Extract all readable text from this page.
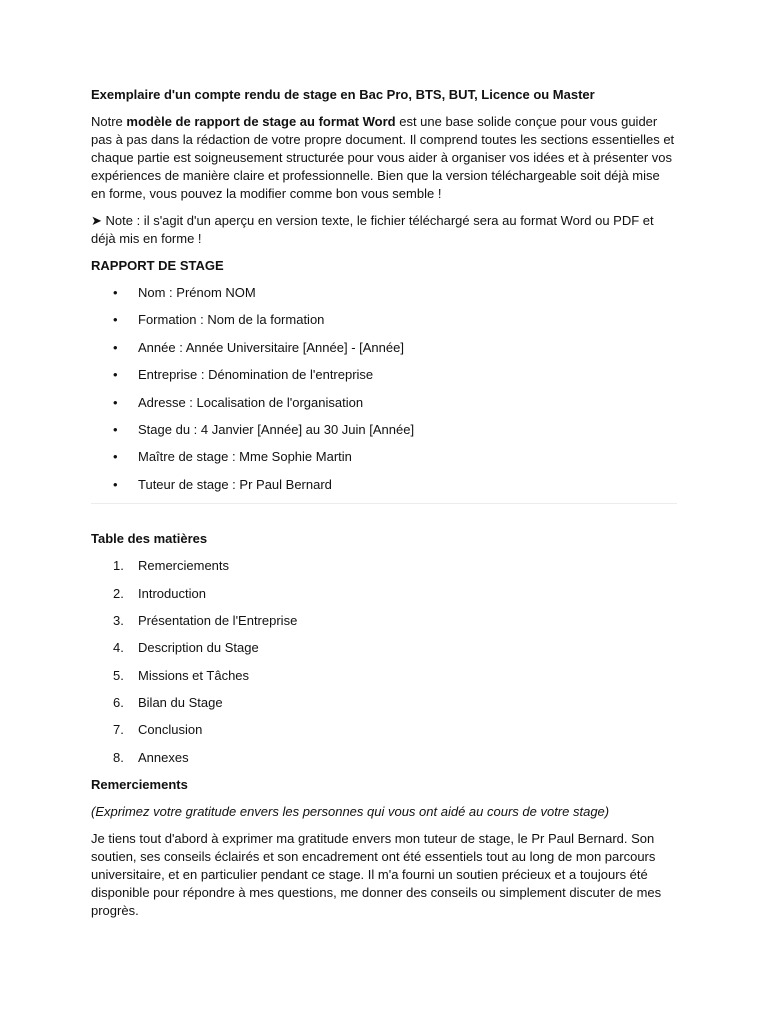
Exemplaire d'un compte rendu de stage en Bac Pro, BTS, BUT, Licence ou Master

Notre modèle de rapport de stage au format Word est une base solide conçue pour vous guider pas à pas dans la rédaction de votre propre document. Il comprend toutes les sections essentielles et chaque partie est soigneusement structurée pour vous aider à organiser vos idées et à présenter vos expériences de manière claire et professionnelle. Bien que la version téléchargeable soit déjà mise en forme, vous pouvez la modifier comme bon vous semble !

➤ Note : il s'agit d'un aperçu en version texte, le fichier téléchargé sera au format Word ou PDF et déjà mis en forme !

RAPPORT DE STAGE

• Nom : Prénom NOM
• Formation : Nom de la formation
• Année : Année Universitaire [Année] - [Année]
• Entreprise : Dénomination de l'entreprise
• Adresse : Localisation de l'organisation
• Stage du : 4 Janvier [Année] au 30 Juin [Année]
• Maître de stage : Mme Sophie Martin
• Tuteur de stage : Pr Paul Bernard

Table des matières

1. Remerciements
2. Introduction
3. Présentation de l'Entreprise
4. Description du Stage
5. Missions et Tâches
6. Bilan du Stage
7. Conclusion
8. Annexes

Remerciements

(Exprimez votre gratitude envers les personnes qui vous ont aidé au cours de votre stage)

Je tiens tout d'abord à exprimer ma gratitude envers mon tuteur de stage, le Pr Paul Bernard. Son soutien, ses conseils éclairés et son encadrement ont été essentiels tout au long de mon parcours universitaire, et en particulier pendant ce stage. Il m'a fourni un soutien précieux et a toujours été disponible pour répondre à mes questions, me donner des conseils ou simplement discuter de mes progrès.
